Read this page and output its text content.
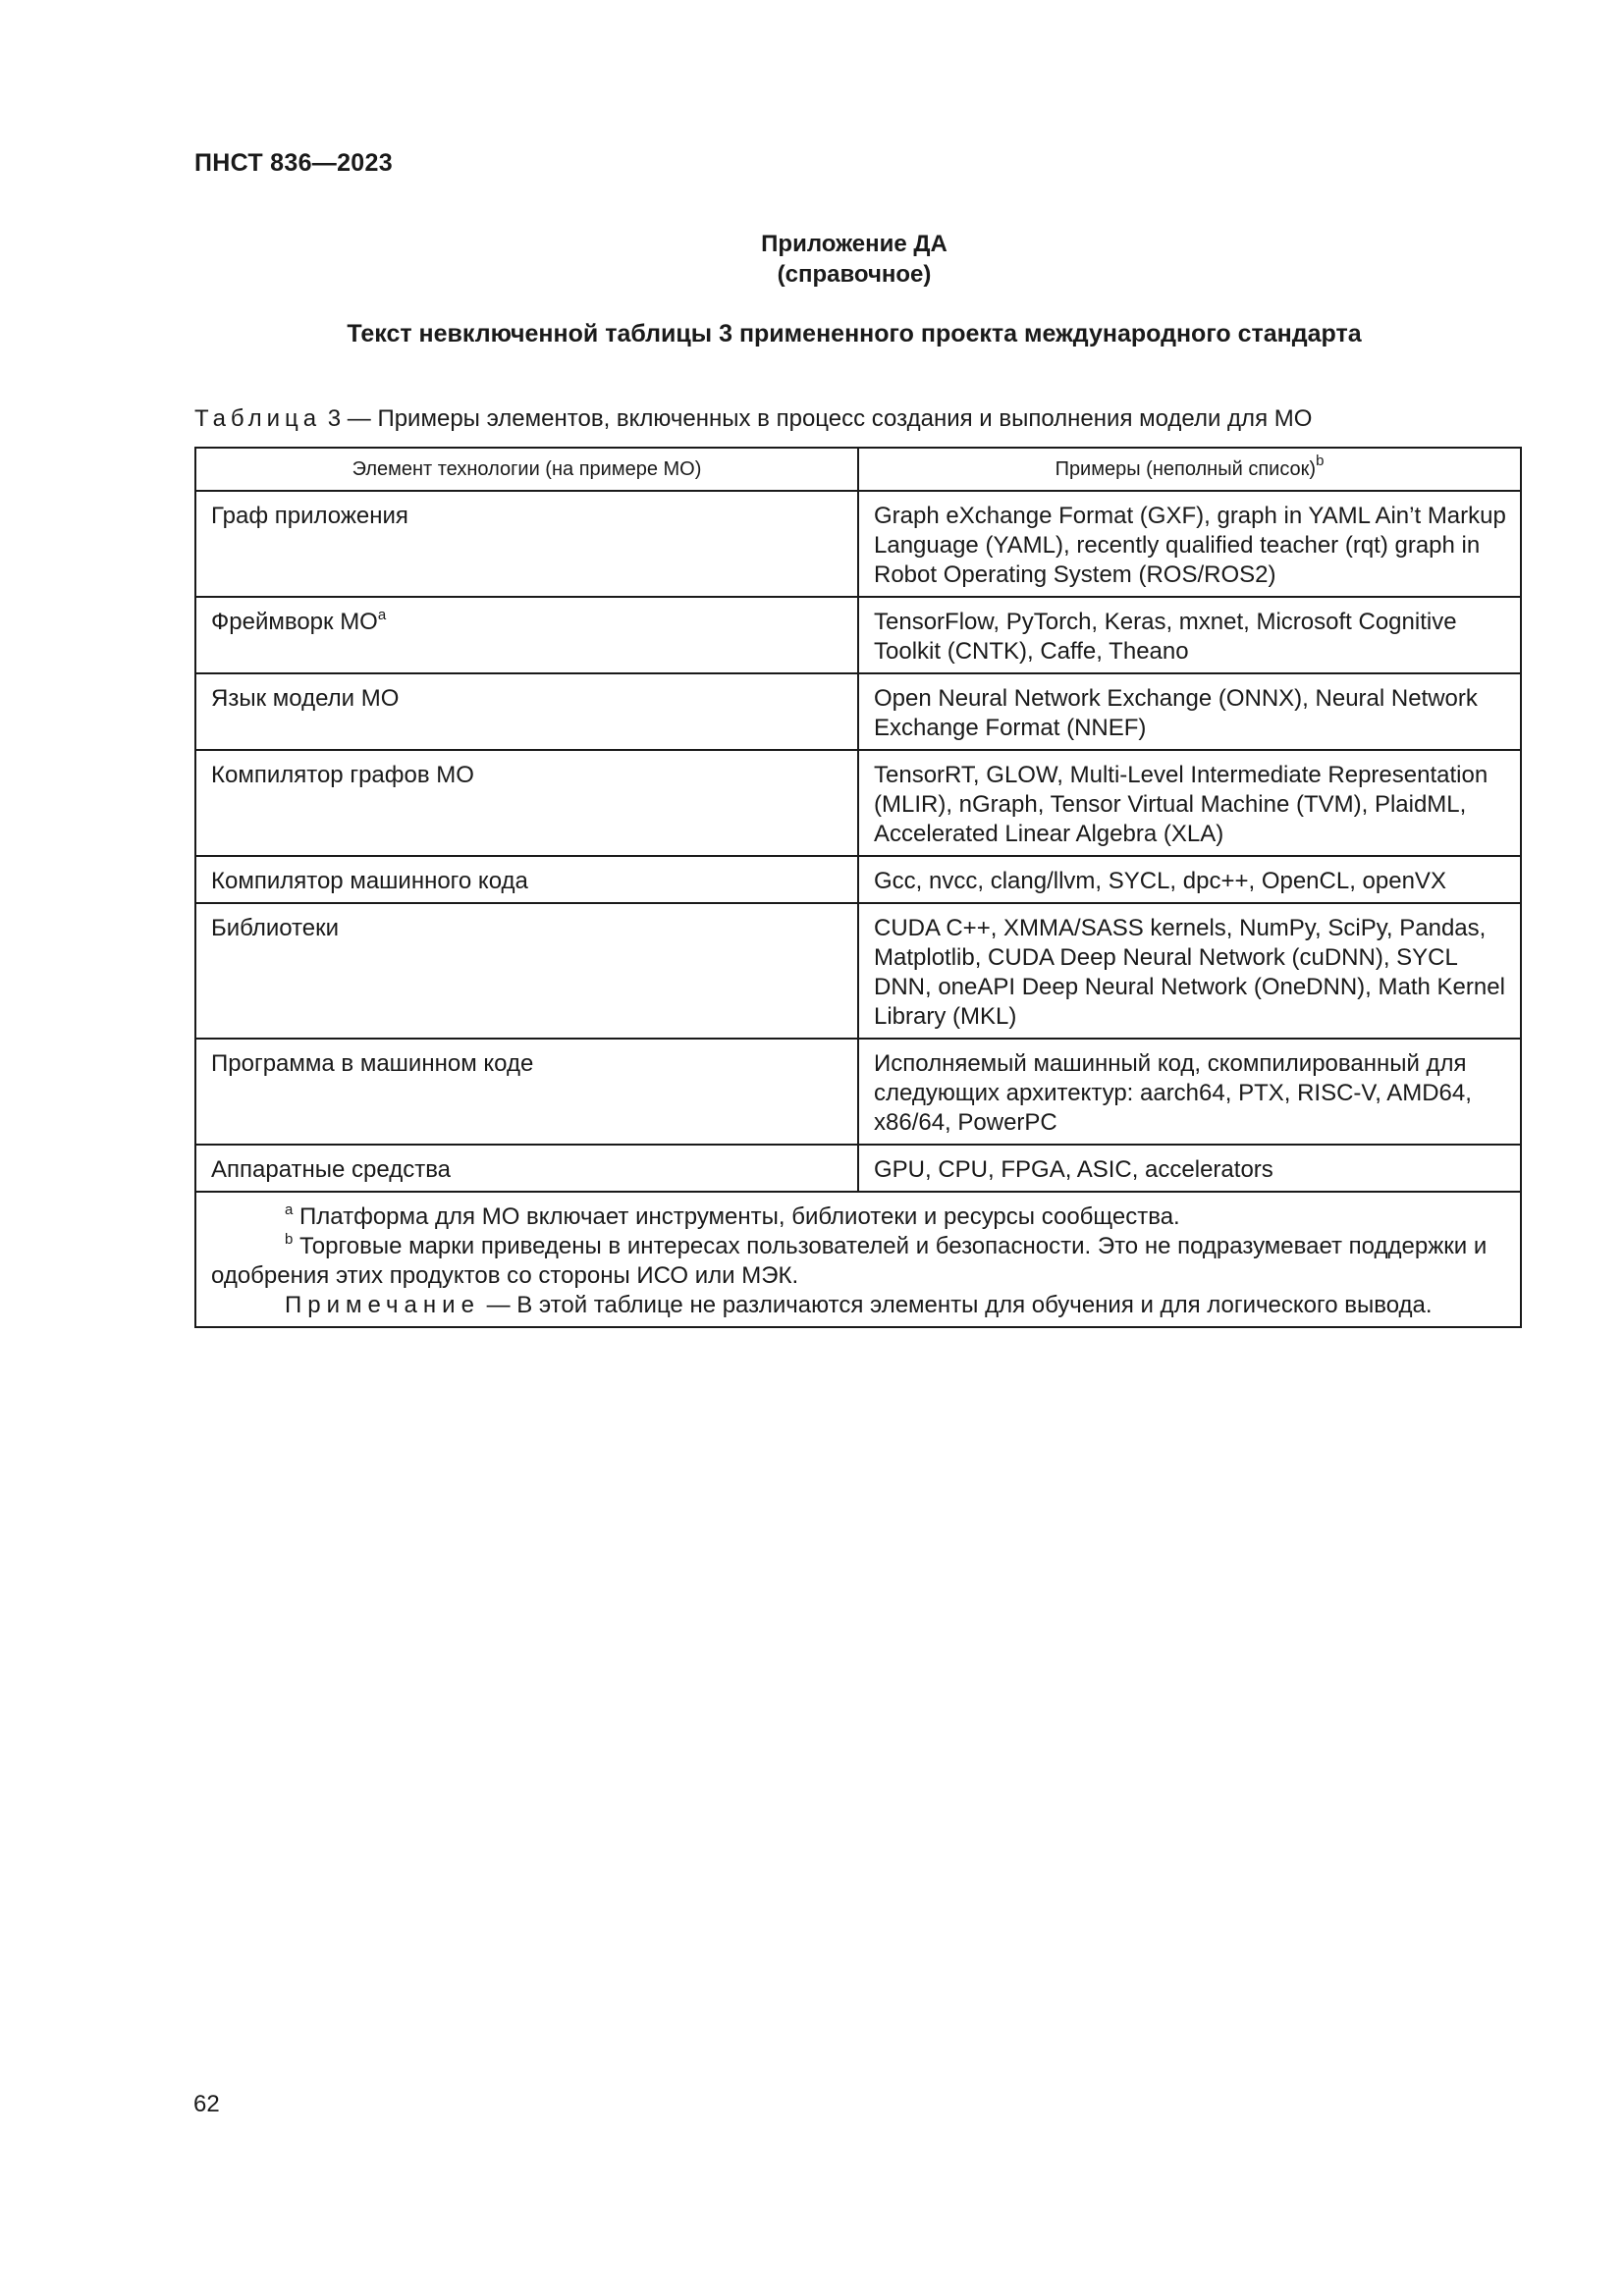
ПНСТ 836—2023
Приложение ДА
(справочное)
Текст невключенной таблицы 3 примененного проекта международного стандарта
Таблица 3 — Примеры элементов, включенных в процесс создания и выполнения модели для МО
Элемент технологии (на примере МО)	Примеры (неполный список)$^b$
Граф приложения	Graph eXchange Format (GXF), graph in YAML Ain’t Markup Language (YAML), recently qualified teacher (rqt) graph in Robot Operating System (ROS/ROS2)
Фреймворк $МО^a$	TensorFlow, PyTorch, Keras, mxnet, Microsoft Cognitive Toolkit (CNTK), Caffe, Theano
Язык модели МО	Open Neural Network Exchange (ONNX), Neural Network Exchange Format (NNEF)
Компилятор графов МО	TensorRT, GLOW, Multi-Level Intermediate Representation (MLIR), nGraph, Tensor Virtual Machine (TVM), PlaidML, Accelerated Linear Algebra (XLA)
Компилятор машинного кода	Gcc, nvcc, clang/llvm, SYCL, dpc++, OpenCL, openVX
Библиотеки	CUDA C++, XMMA/SASS kernels, NumPy, SciPy, Pandas, Matplotlib, CUDA Deep Neural Network (cuDNN), SYCL DNN, oneAPI Deep Neural Network (OneDNN), Math Kernel Library (MKL)
Программа в машинном коде	Исполняемый машинный код, скомпилированный для следующих архитектур: aarch64, PTX, RISC-V, AMD64, x86/64, PowerPC
Аппаратные средства	GPU, CPU, FPGA, ASIC, accelerators

$^a$ Платформа для МО включает инструменты, библиотеки и ресурсы сообщества.
$^b$ Торговые марки приведены в интересах пользователей и безопасности. Это не подразумевает поддержки и одобрения этих продуктов со стороны ИСО или МЭК.
Примечание — В этой таблице не различаются элементы для обучения и для логического вывода.	
62
